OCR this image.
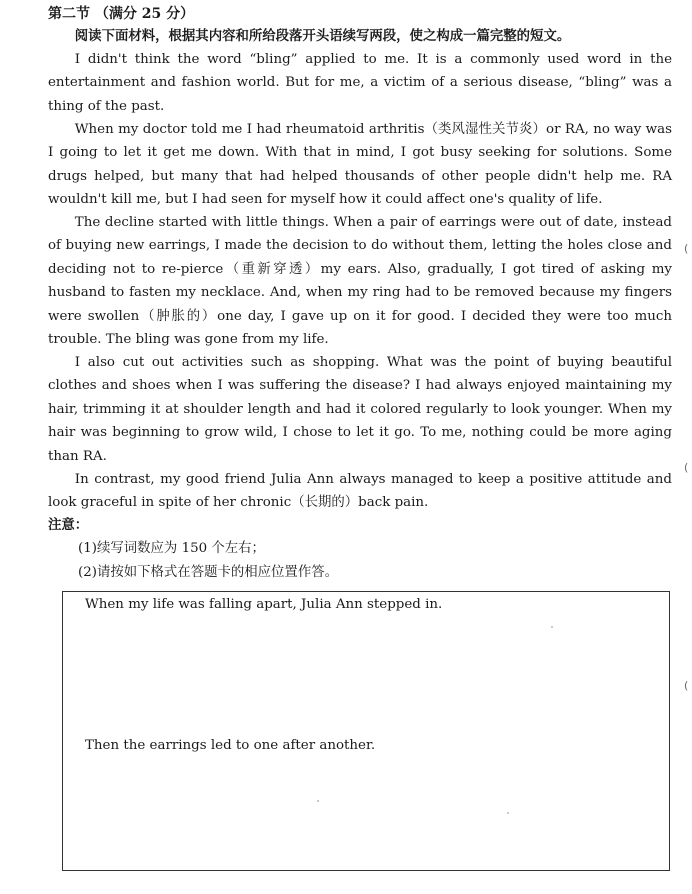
第二节 （满分 25 分）
阅读下面材料，根据其内容和所给段落开头语续写两段，使之构成一篇完整的短文。
I didn't think the word “bling” applied to me. It is a commonly used word in the entertainment and fashion world. But for me, a victim of a serious disease, “bling” was a thing of the past.
When my doctor told me I had rheumatoid arthritis（类风湿性关节炎）or RA, no way was I going to let it get me down. With that in mind, I got busy seeking for solutions. Some drugs helped, but many that had helped thousands of other people didn't help me. RA wouldn't kill me, but I had seen for myself how it could affect one's quality of life.
The decline started with little things. When a pair of earrings were out of date, instead of buying new earrings, I made the decision to do without them, letting the holes close and deciding not to re-pierce（重新穿透）my ears. Also, gradually, I got tired of asking my husband to fasten my necklace. And, when my ring had to be removed because my fingers were swollen（肿胀的）one day, I gave up on it for good. I decided they were too much trouble. The bling was gone from my life.
I also cut out activities such as shopping. What was the point of buying beautiful clothes and shoes when I was suffering the disease? I had always enjoyed maintaining my hair, trimming it at shoulder length and had it colored regularly to look younger. When my hair was beginning to grow wild, I chose to let it go. To me, nothing could be more aging than RA.
In contrast, my good friend Julia Ann always managed to keep a positive attitude and look graceful in spite of her chronic（长期的）back pain.
注意：
(1)续写词数应为 150 个左右；
(2)请按如下格式在答题卡的相应位置作答。
When my life was falling apart, Julia Ann stepped in.
Then the earrings led to one after another.
(
(
(
